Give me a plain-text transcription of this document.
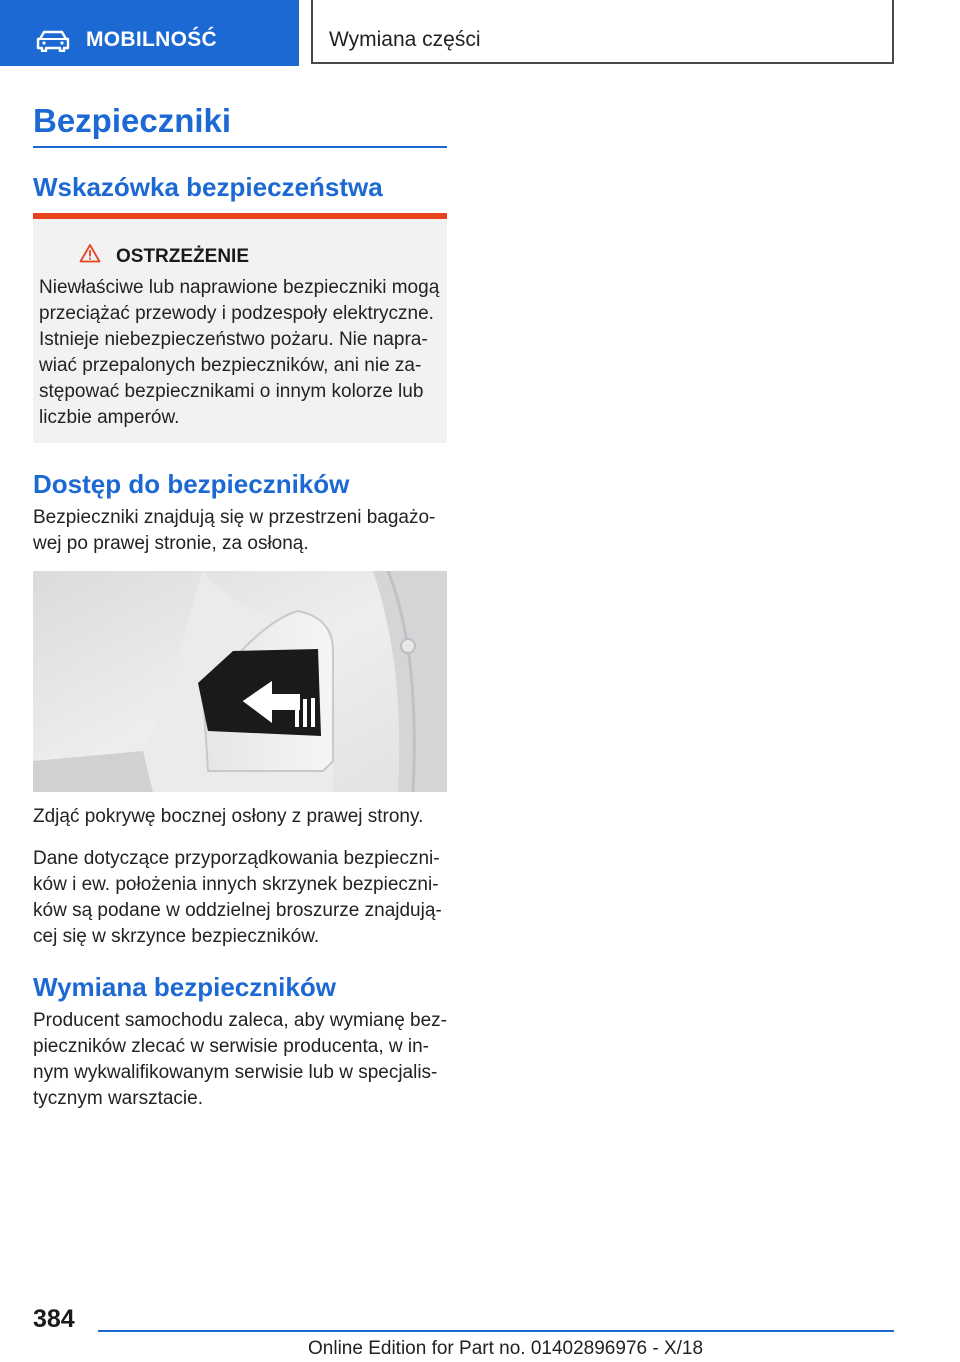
MOBILNOŚĆ	Wymiana części
Bezpieczniki
Wskazówka bezpieczeństwa
OSTRZEŻENIE
Niewłaściwe lub naprawione bezpieczniki mogą
przeciążać przewody i podzespoły elektryczne.
Istnieje niebezpieczeństwo pożaru. Nie napra-
wiać przepalonych bezpieczników, ani nie za-
stępować bezpiecznikami o innym kolorze lub
liczbie amperów.
Dostęp do bezpieczników
Bezpieczniki znajdują się w przestrzeni bagażo-
wej po prawej stronie, za osłoną.
Zdjąć pokrywę bocznej osłony z prawej strony.
Dane dotyczące przyporządkowania bezpieczni-
ków i ew. położenia innych skrzynek bezpieczni-
ków są podane w oddzielnej broszurze znajdują-
cej się w skrzynce bezpieczników.
Wymiana bezpieczników
Producent samochodu zaleca, aby wymianę bez-
pieczników zlecać w serwisie producenta, w in-
nym wykwalifikowanym serwisie lub w specjalis-
tycznym warsztacie.
384
Online Edition for Part no. 01402896976 - X/18
